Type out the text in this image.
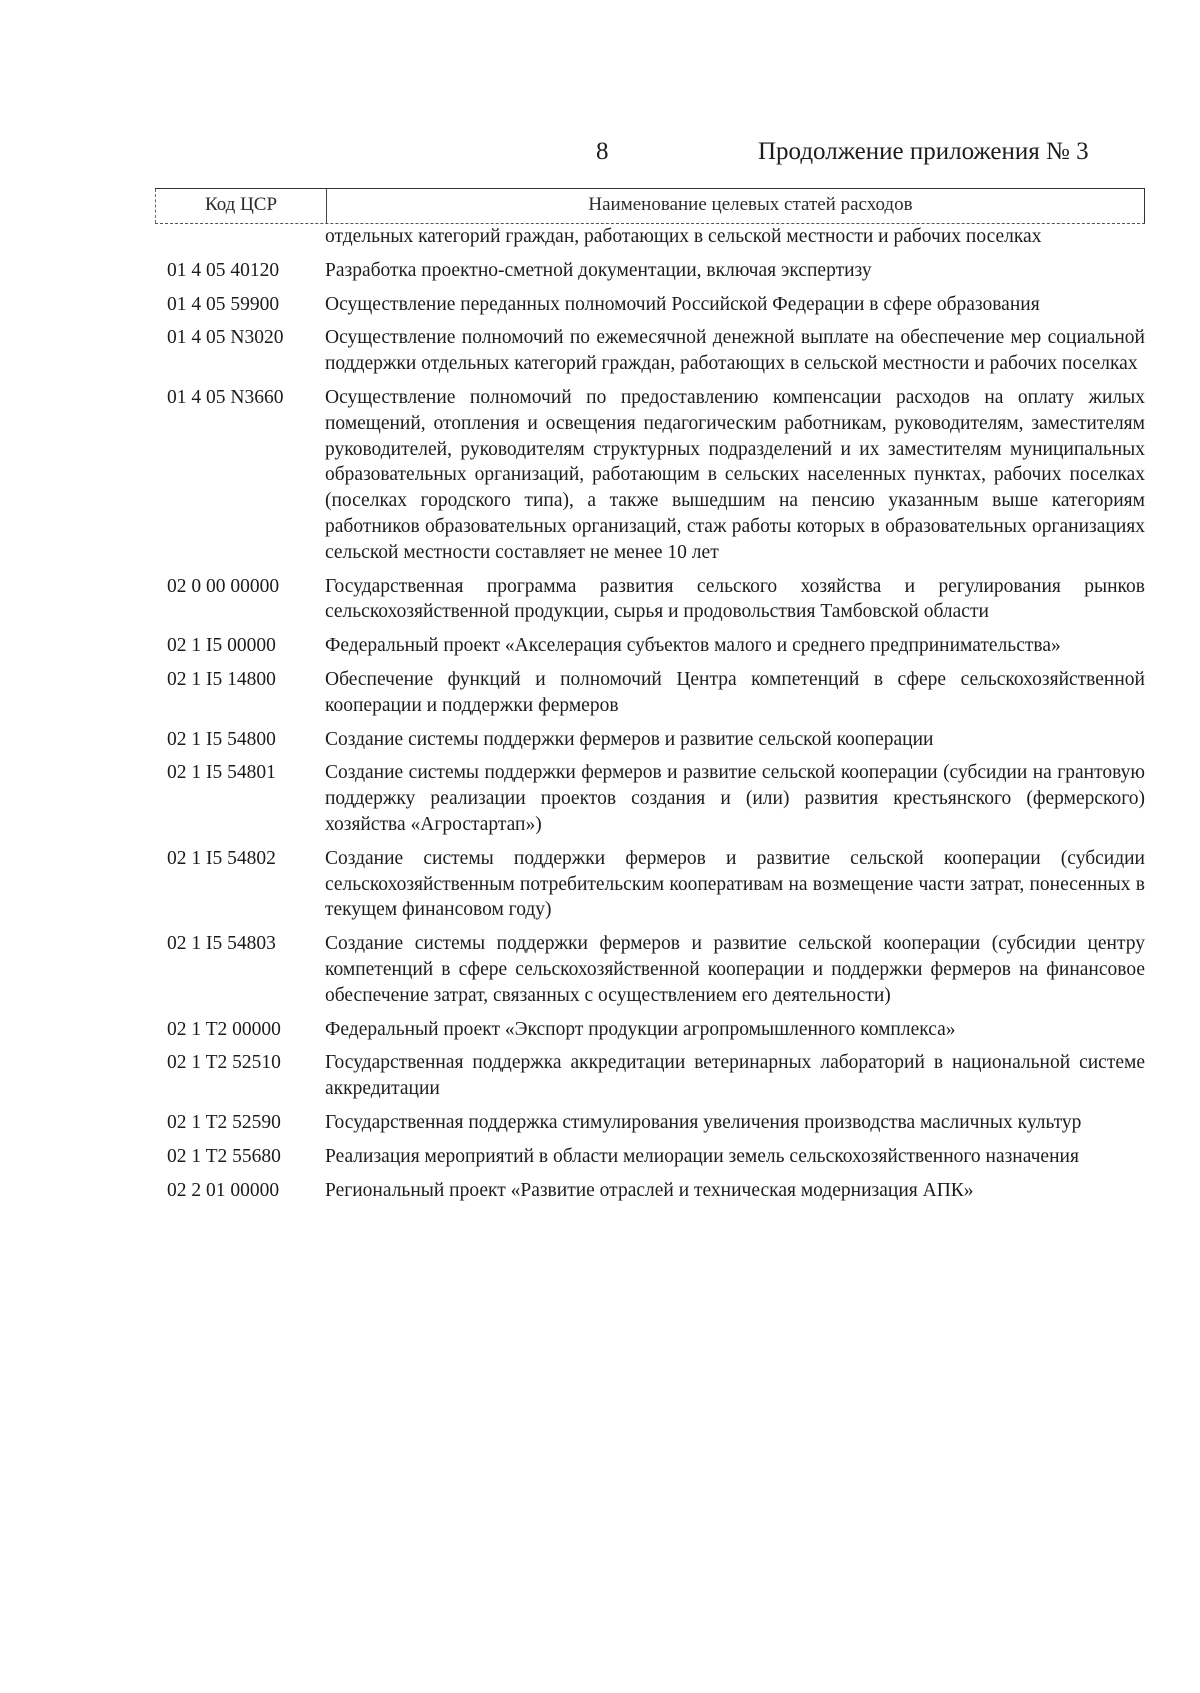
8	Продолжение приложения № 3
Код ЦСР	Наименование целевых статей расходов
отдельных категорий граждан, работающих в сельской местности и рабочих поселках
01 4 05 40120	Разработка проектно-сметной документации, включая экспертизу
01 4 05 59900	Осуществление переданных полномочий Российской Федерации в сфере образования
01 4 05 N3020	Осуществление полномочий по ежемесячной денежной выплате на обеспечение мер социальной поддержки отдельных категорий граждан, работающих в сельской местности и рабочих поселках
01 4 05 N3660	Осуществление полномочий по предоставлению компенсации расходов на оплату жилых помещений, отопления и освещения педагогическим работникам, руководителям, заместителям руководителей, руководителям структурных подразделений и их заместителям муниципальных образовательных организаций, работающим в сельских населенных пунктах, рабочих поселках (поселках городского типа), а также вышедшим на пенсию указанным выше категориям работников образовательных организаций, стаж работы которых в образовательных организациях сельской местности составляет не менее 10 лет
02 0 00 00000	Государственная программа развития сельского хозяйства и регулирования рынков сельскохозяйственной продукции, сырья и продовольствия Тамбовской области
02 1 I5 00000	Федеральный проект «Акселерация субъектов малого и среднего предпринимательства»
02 1 I5 14800	Обеспечение функций и полномочий Центра компетенций в сфере сельскохозяйственной кооперации и поддержки фермеров
02 1 I5 54800	Создание системы поддержки фермеров и развитие сельской кооперации
02 1 I5 54801	Создание системы поддержки фермеров и развитие сельской кооперации (субсидии на грантовую поддержку реализации проектов создания и (или) развития крестьянского (фермерского) хозяйства «Агростартап»)
02 1 I5 54802	Создание системы поддержки фермеров и развитие сельской кооперации (субсидии сельскохозяйственным потребительским кооперативам на возмещение части затрат, понесенных в текущем финансовом году)
02 1 I5 54803	Создание системы поддержки фермеров и развитие сельской кооперации (субсидии центру компетенций в сфере сельскохозяйственной кооперации и поддержки фермеров на финансовое обеспечение затрат, связанных с осуществлением его деятельности)
02 1 T2 00000	Федеральный проект «Экспорт продукции агропромышленного комплекса»
02 1 T2 52510	Государственная поддержка аккредитации ветеринарных лабораторий в национальной системе аккредитации
02 1 T2 52590	Государственная поддержка стимулирования увеличения производства масличных культур
02 1 T2 55680	Реализация мероприятий в области мелиорации земель сельскохозяйственного назначения
02 2 01 00000	Региональный проект «Развитие отраслей и техническая модернизация АПК»
